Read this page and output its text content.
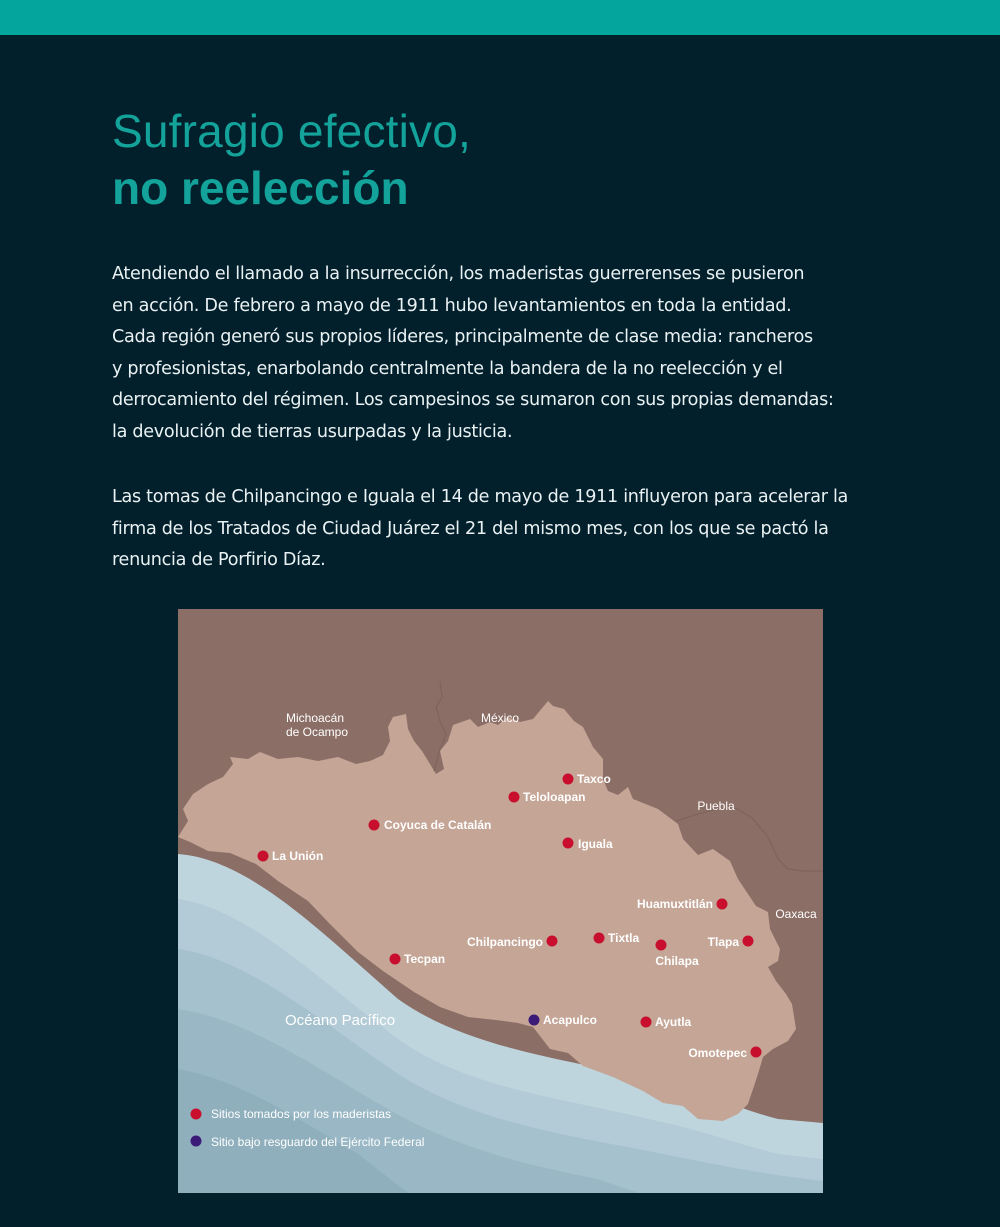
Sufragio efectivo,
no reelección

Atendiendo el llamado a la insurrección, los maderistas guerrerenses se pusieron
en acción. De febrero a mayo de 1911 hubo levantamientos en toda la entidad.
Cada región generó sus propios líderes, principalmente de clase media: rancheros
y profesionistas, enarbolando centralmente la bandera de la no reelección y el
derrocamiento del régimen. Los campesinos se sumaron con sus propias demandas:
la devolución de tierras usurpadas y la justicia.

Las tomas de Chilpancingo e Iguala el 14 de mayo de 1911 influyeron para acelerar la
firma de los Tratados de Ciudad Juárez el 21 del mismo mes, con los que se pactó la
renuncia de Porfirio Díaz.

Michoacán
de Ocampo
México
Puebla
Oaxaca
Océano Pacífico
Taxco
Teloloapan
Coyuca de Catalán
Iguala
La Unión
Huamuxtitlán
Chilpancingo	Tixtla
Chilapa
Tlapa
Tecpan
Acapulco	Ayutla
Omotepec
Sitios tomados por los maderistas
Sitio bajo resguardo del Ejército Federal
